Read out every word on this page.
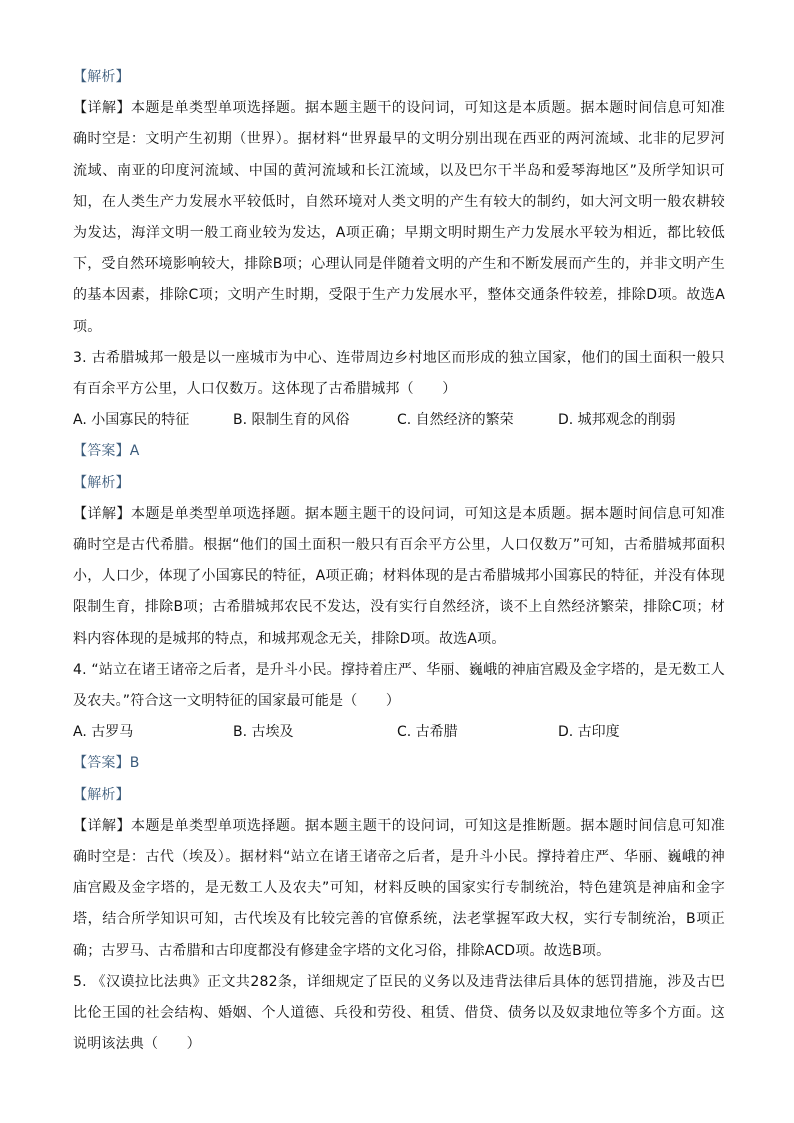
【解析】

【详解】本题是单类型单项选择题。据本题主题干的设问词，可知这是本质题。据本题时间信息可知准确时空是：文明产生初期（世界）。据材料“世界最早的文明分别出现在西亚的两河流域、北非的尼罗河流域、南亚的印度河流域、中国的黄河流域和长江流域，以及巴尔干半岛和爱琴海地区”及所学知识可知，在人类生产力发展水平较低时，自然环境对人类文明的产生有较大的制约，如大河文明一般农耕较为发达，海洋文明一般工商业较为发达，A项正确；早期文明时期生产力发展水平较为相近，都比较低下，受自然环境影响较大，排除B项；心理认同是伴随着文明的产生和不断发展而产生的，并非文明产生的基本因素，排除C项；文明产生时期，受限于生产力发展水平，整体交通条件较差，排除D项。故选A项。

3. 古希腊城邦一般是以一座城市为中心、连带周边乡村地区而形成的独立国家，他们的国土面积一般只有百余平方公里，人口仅数万。这体现了古希腊城邦（　　）

A. 小国寡民的特征	B. 限制生育的风俗	C. 自然经济的繁荣	D. 城邦观念的削弱

【答案】A

【解析】

【详解】本题是单类型单项选择题。据本题主题干的设问词，可知这是本质题。据本题时间信息可知准确时空是古代希腊。根据“他们的国土面积一般只有百余平方公里，人口仅数万”可知，古希腊城邦面积小，人口少，体现了小国寡民的特征，A项正确；材料体现的是古希腊城邦小国寡民的特征，并没有体现限制生育，排除B项；古希腊城邦农民不发达，没有实行自然经济，谈不上自然经济繁荣，排除C项；材料内容体现的是城邦的特点，和城邦观念无关，排除D项。故选A项。

4. “站立在诸王诸帝之后者，是升斗小民。撑持着庄严、华丽、巍峨的神庙宫殿及金字塔的，是无数工人及农夫。”符合这一文明特征的国家最可能是（　　）

A. 古罗马	B. 古埃及	C. 古希腊	D. 古印度

【答案】B

【解析】

【详解】本题是单类型单项选择题。据本题主题干的设问词，可知这是推断题。据本题时间信息可知准确时空是：古代（埃及）。据材料“站立在诸王诸帝之后者，是升斗小民。撑持着庄严、华丽、巍峨的神庙宫殿及金字塔的，是无数工人及农夫”可知，材料反映的国家实行专制统治，特色建筑是神庙和金字塔，结合所学知识可知，古代埃及有比较完善的官僚系统，法老掌握军政大权，实行专制统治，B项正确；古罗马、古希腊和古印度都没有修建金字塔的文化习俗，排除ACD项。故选B项。

5. 《汉谟拉比法典》正文共282条，详细规定了臣民的义务以及违背法律后具体的惩罚措施，涉及古巴比伦王国的社会结构、婚姻、个人道德、兵役和劳役、租赁、借贷、债务以及奴隶地位等多个方面。这说明该法典（　　）
